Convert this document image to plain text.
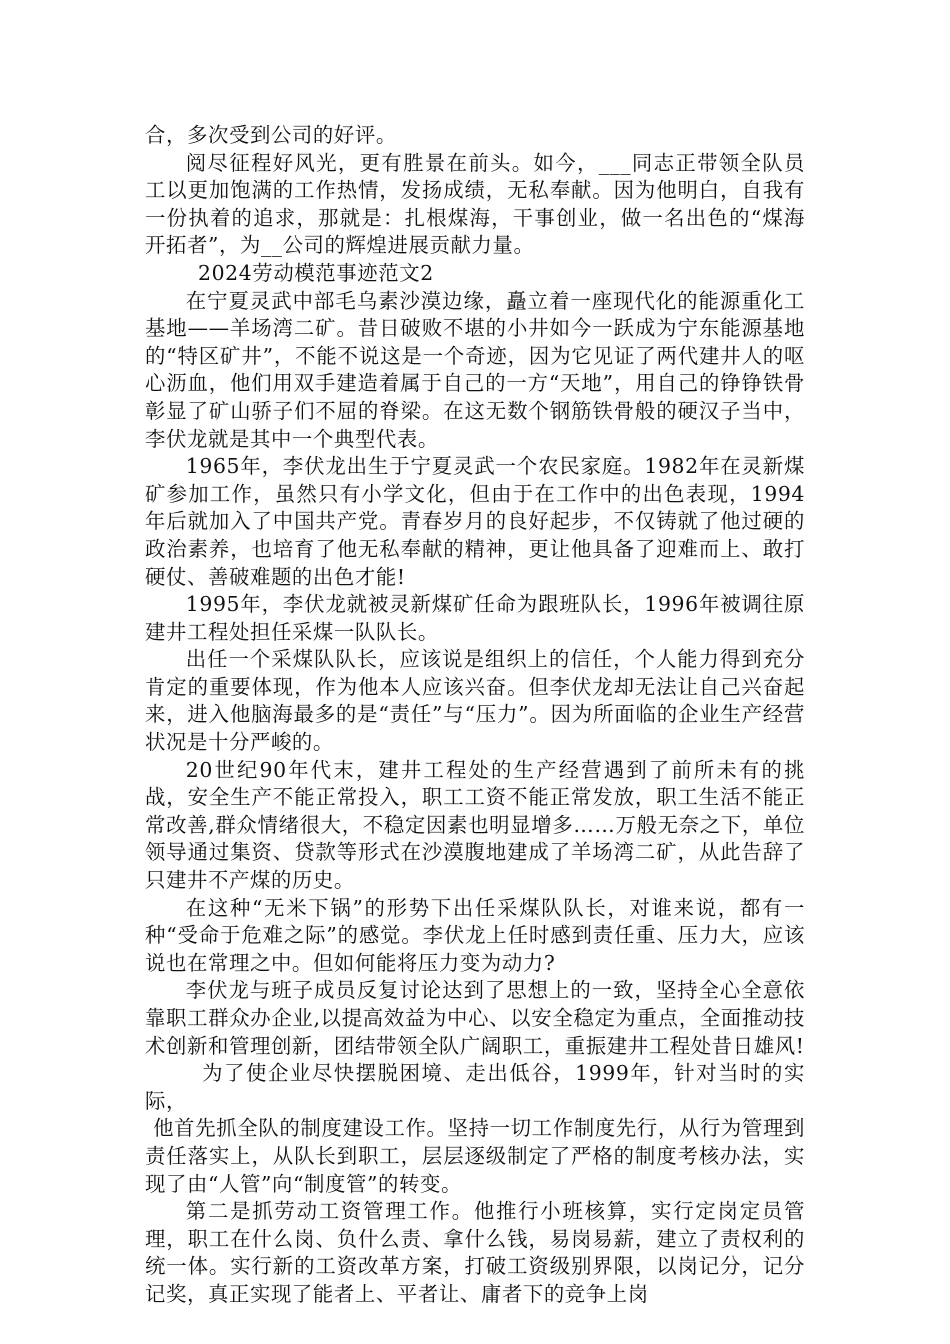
合，多次受到公司的好评。

阅尽征程好风光，更有胜景在前头。如今，___同志正带领全队员工以更加饱满的工作热情，发扬成绩，无私奉献。因为他明白，自我有一份执着的追求，那就是：扎根煤海，干事创业，做一名出色的“煤海开拓者”，为__公司的辉煌进展贡献力量。

2024劳动模范事迹范文2

在宁夏灵武中部毛乌素沙漠边缘，矗立着一座现代化的能源重化工基地——羊场湾二矿。昔日破败不堪的小井如今一跃成为宁东能源基地的“特区矿井”，不能不说这是一个奇迹，因为它见证了两代建井人的呕心沥血，他们用双手建造着属于自己的一方“天地”，用自己的铮铮铁骨彰显了矿山骄子们不屈的脊梁。在这无数个钢筋铁骨般的硬汉子当中，李伏龙就是其中一个典型代表。

1965年，李伏龙出生于宁夏灵武一个农民家庭。1982年在灵新煤矿参加工作，虽然只有小学文化，但由于在工作中的出色表现，1994年后就加入了中国共产党。青春岁月的良好起步，不仅铸就了他过硬的政治素养，也培育了他无私奉献的精神，更让他具备了迎难而上、敢打硬仗、善破难题的出色才能!

1995年，李伏龙就被灵新煤矿任命为跟班队长，1996年被调往原建井工程处担任采煤一队队长。

出任一个采煤队队长，应该说是组织上的信任，个人能力得到充分肯定的重要体现，作为他本人应该兴奋。但李伏龙却无法让自己兴奋起来，进入他脑海最多的是“责任”与“压力”。因为所面临的企业生产经营状况是十分严峻的。

20世纪90年代末，建井工程处的生产经营遇到了前所未有的挑战，安全生产不能正常投入，职工工资不能正常发放，职工生活不能正常改善,群众情绪很大，不稳定因素也明显增多……万般无奈之下，单位领导通过集资、贷款等形式在沙漠腹地建成了羊场湾二矿，从此告辞了只建井不产煤的历史。

在这种“无米下锅”的形势下出任采煤队队长，对谁来说，都有一种“受命于危难之际”的感觉。李伏龙上任时感到责任重、压力大，应该说也在常理之中。但如何能将压力变为动力?

李伏龙与班子成员反复讨论达到了思想上的一致，坚持全心全意依靠职工群众办企业,以提高效益为中心、以安全稳定为重点，全面推动技术创新和管理创新，团结带领全队广阔职工，重振建井工程处昔日雄风!

为了使企业尽快摆脱困境、走出低谷，1999年，针对当时的实际，

他首先抓全队的制度建设工作。坚持一切工作制度先行，从行为管理到责任落实上，从队长到职工，层层逐级制定了严格的制度考核办法，实现了由“人管”向“制度管”的转变。

第二是抓劳动工资管理工作。他推行小班核算，实行定岗定员管理，职工在什么岗、负什么责、拿什么钱，易岗易薪，建立了责权利的统一体。实行新的工资改革方案，打破工资级别界限，以岗记分，记分记奖，真正实现了能者上、平者让、庸者下的竞争上岗
